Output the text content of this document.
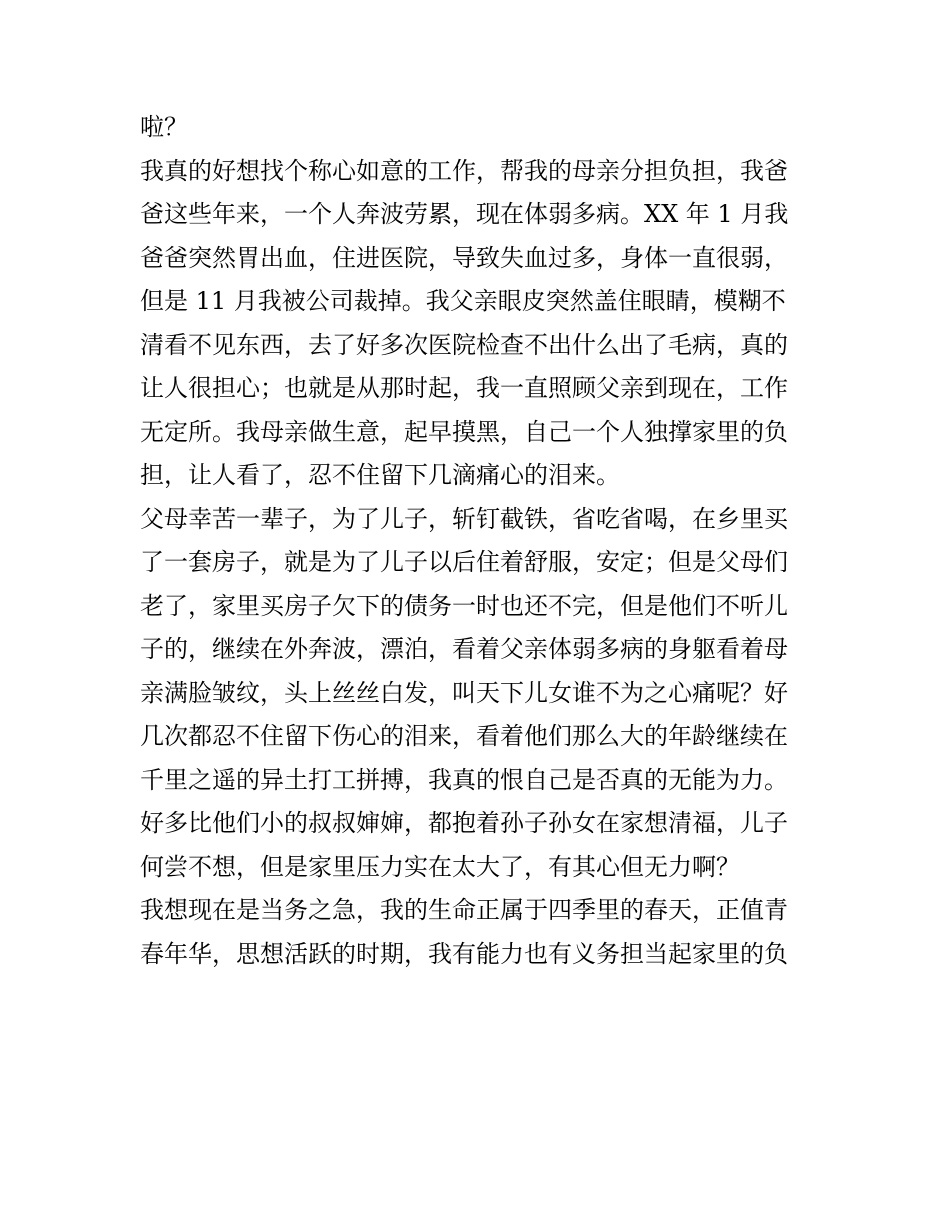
啦？
我真的好想找个称心如意的工作，帮我的母亲分担负担，我爸
爸这些年来，一个人奔波劳累，现在体弱多病。XX 年 1 月我
爸爸突然胃出血，住进医院，导致失血过多，身体一直很弱，
但是 11 月我被公司裁掉。我父亲眼皮突然盖住眼睛，模糊不
清看不见东西，去了好多次医院检查不出什么出了毛病，真的
让人很担心；也就是从那时起，我一直照顾父亲到现在，工作
无定所。我母亲做生意，起早摸黑，自己一个人独撑家里的负
担，让人看了，忍不住留下几滴痛心的泪来。
父母幸苦一辈子，为了儿子，斩钉截铁，省吃省喝，在乡里买
了一套房子，就是为了儿子以后住着舒服，安定；但是父母们
老了，家里买房子欠下的债务一时也还不完，但是他们不听儿
子的，继续在外奔波，漂泊，看着父亲体弱多病的身躯看着母
亲满脸皱纹，头上丝丝白发，叫天下儿女谁不为之心痛呢？好
几次都忍不住留下伤心的泪来，看着他们那么大的年龄继续在
千里之遥的异土打工拼搏，我真的恨自己是否真的无能为力。
好多比他们小的叔叔婶婶，都抱着孙子孙女在家想清福，儿子
何尝不想，但是家里压力实在太大了，有其心但无力啊？
我想现在是当务之急，我的生命正属于四季里的春天，正值青
春年华，思想活跃的时期，我有能力也有义务担当起家里的负
